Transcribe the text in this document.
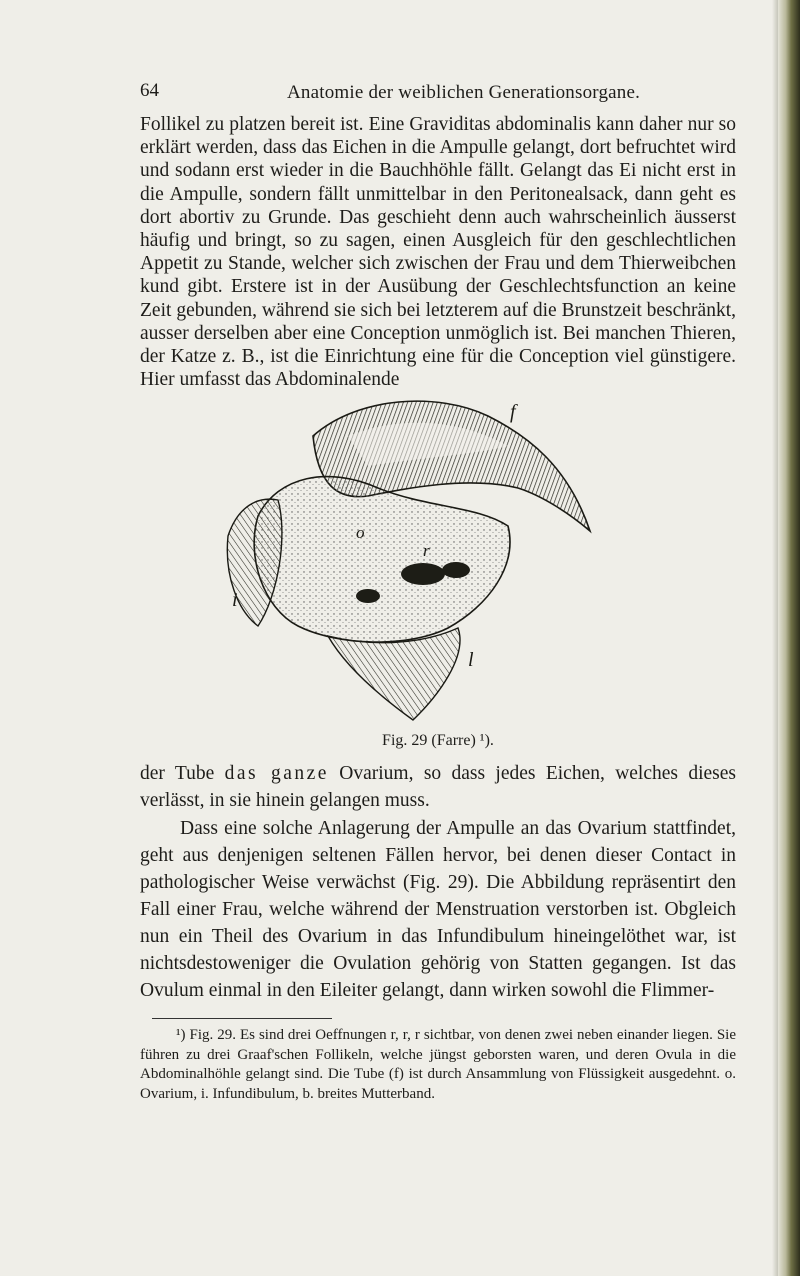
64	Anatomie der weiblichen Generationsorgane.

Follikel zu platzen bereit ist. Eine Graviditas abdominalis kann daher nur so erklärt werden, dass das Eichen in die Ampulle gelangt, dort befruchtet wird und sodann erst wieder in die Bauchhöhle fällt. Gelangt das Ei nicht erst in die Ampulle, sondern fällt unmittelbar in den Peritonealsack, dann geht es dort abortiv zu Grunde. Das geschieht denn auch wahrscheinlich äusserst häufig und bringt, so zu sagen, einen Ausgleich für den geschlechtlichen Appetit zu Stande, welcher sich zwischen der Frau und dem Thierweibchen kund gibt. Erstere ist in der Ausübung der Geschlechtsfunction an keine Zeit gebunden, während sie sich bei letzterem auf die Brunstzeit beschränkt, ausser derselben aber eine Conception unmöglich ist. Bei manchen Thieren, der Katze z. B., ist die Einrichtung eine für die Conception viel günstigere. Hier umfasst das Abdominalende

f
o
r
i
l
Fig. 29 (Farre) ¹).

der Tube das ganze Ovarium, so dass jedes Eichen, welches dieses verlässt, in sie hinein gelangen muss.

Dass eine solche Anlagerung der Ampulle an das Ovarium stattfindet, geht aus denjenigen seltenen Fällen hervor, bei denen dieser Contact in pathologischer Weise verwächst (Fig. 29). Die Abbildung repräsentirt den Fall einer Frau, welche während der Menstruation verstorben ist. Obgleich nun ein Theil des Ovarium in das Infundibulum hineingelöthet war, ist nichtsdestoweniger die Ovulation gehörig von Statten gegangen. Ist das Ovulum einmal in den Eileiter gelangt, dann wirken sowohl die Flimmer-

¹) Fig. 29. Es sind drei Oeffnungen r, r, r sichtbar, von denen zwei neben einander liegen. Sie führen zu drei Graaf'schen Follikeln, welche jüngst geborsten waren, und deren Ovula in die Abdominalhöhle gelangt sind. Die Tube (f) ist durch Ansammlung von Flüssigkeit ausgedehnt. o. Ovarium, i. Infundibulum, b. breites Mutterband.
